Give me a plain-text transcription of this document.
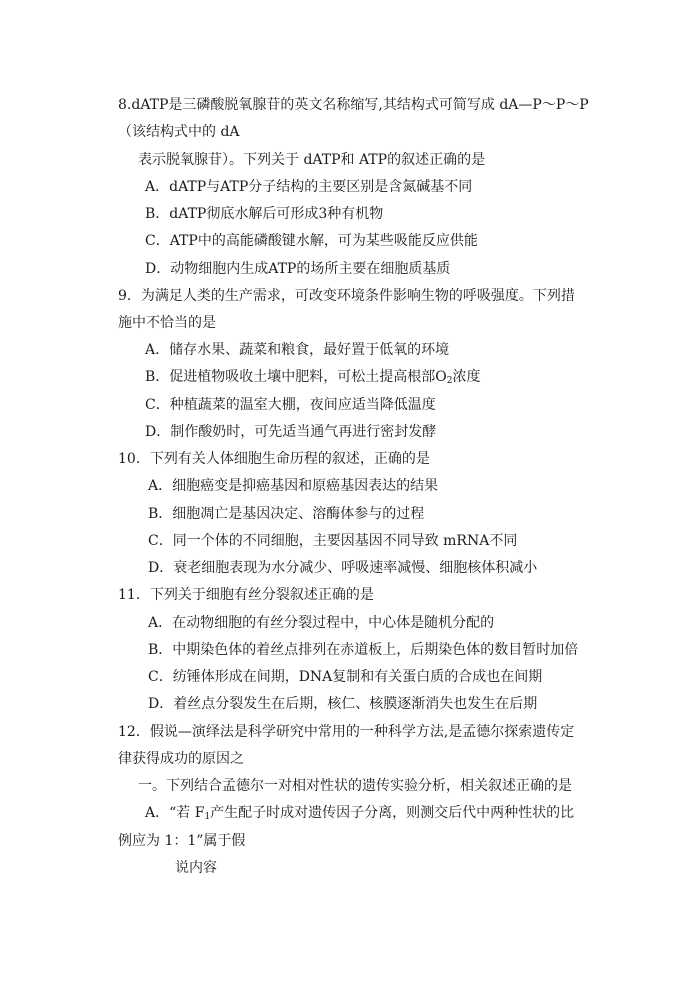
8.dATP是三磷酸脱氧腺苷的英文名称缩写,其结构式可简写成 dA—P～P～P
（该结构式中的 dA
表示脱氧腺苷）。下列关于 dATP和 ATP的叙述正确的是
A．dATP与ATP分子结构的主要区别是含氮碱基不同
B．dATP彻底水解后可形成3种有机物
C．ATP中的高能磷酸键水解，可为某些吸能反应供能
D．动物细胞内生成ATP的场所主要在细胞质基质
9．为满足人类的生产需求，可改变环境条件影响生物的呼吸强度。下列措
施中不恰当的是
A．储存水果、蔬菜和粮食，最好置于低氧的环境
B．促进植物吸收土壤中肥料，可松土提高根部$O_2$浓度
C．种植蔬菜的温室大棚，夜间应适当降低温度
D．制作酸奶时，可先适当通气再进行密封发酵
10．下列有关人体细胞生命历程的叙述，正确的是
A．细胞癌变是抑癌基因和原癌基因表达的结果
B．细胞凋亡是基因决定、溶酶体参与的过程
C．同一个体的不同细胞，主要因基因不同导致 mRNA不同
D．衰老细胞表现为水分减少、呼吸速率减慢、细胞核体积减小
11．下列关于细胞有丝分裂叙述正确的是
A．在动物细胞的有丝分裂过程中，中心体是随机分配的
B．中期染色体的着丝点排列在赤道板上，后期染色体的数目暂时加倍
C．纺锤体形成在间期，DNA复制和有关蛋白质的合成也在间期
D．着丝点分裂发生在后期，核仁、核膜逐渐消失也发生在后期
12．假说—演绎法是科学研究中常用的一种科学方法,是孟德尔探索遗传定
律获得成功的原因之
一。下列结合孟德尔一对相对性状的遗传实验分析，相关叙述正确的是
A．“若 $F_1$产生配子时成对遗传因子分离，则测交后代中两种性状的比
例应为 1：1”属于假
说内容
